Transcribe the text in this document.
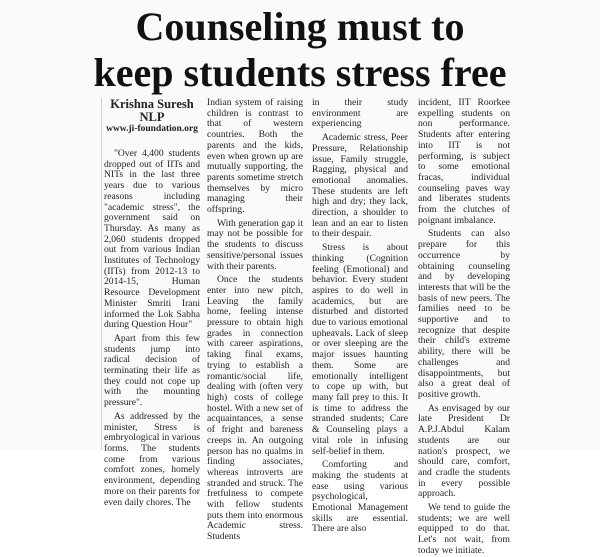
Counseling must to
keep students stress free
Krishna Suresh
NLP
www.ji-foundation.org

"Over 4,400 students dropped out of IITs and NITs in the last three years due to various reasons including "academic stress", the government said on Thursday. As many as 2,060 students dropped out from various Indian Institutes of Technology (IITs) from 2012-13 to 2014-15, Human Resource Development Minister Smriti Irani informed the Lok Sabha during Question Hour"

Apart from this few students jump into radical decision of terminating their life as they could not cope up with the mounting pressure".

As addressed by the minister, Stress is embryological in various forms. The students come from various comfort zones, homely environment, depending more on their parents for even daily chores. The

Indian system of raising children is contrast to that of western countries. Both the parents and the kids, even when grown up are mutually supporting, the parents sometime stretch themselves by micro managing their offspring.

With generation gap it may not be possible for the students to discuss sensitive/personal issues with their parents.

Once the students enter into new pitch, Leaving the family home, feeling intense pressure to obtain high grades in connection with career aspirations, taking final exams, trying to establish a romantic/social life, dealing with (often very high) costs of college hostel. With a new set of acquaintances, a sense of fright and bareness creeps in. An outgoing person has no qualms in finding associates, whereas introverts are stranded and struck. The fretfulness to compete with fellow students puts them into enormous Academic stress. Students

in their study environment are experiencing

Academic stress, Peer Pressure, Relationship issue, Family struggle, Ragging, physical and emotional anomalies. These students are left high and dry; they lack, direction, a shoulder to lean and an ear to listen to their despair.

Stress is about thinking (Cognition feeling (Emotional) and behavior. Every student aspires to do well in academics, but are disturbed and distorted due to various emotional upheavals. Lack of sleep or over sleeping are the major issues haunting them. Some are emotionally intelligent to cope up with, but many fall prey to this. It is time to address the stranded students; Care & Counseling plays a vital role in infusing self-belief in them.

Comforting and making the students at ease using various psychological, Emotional Management skills are essential. There are also

incident, IIT Roorkee expelling students on non performance. Students after entering into IIT is not performing, is subject to some emotional fracas, individual counseling paves way and liberates students from the clutches of poignant imbalance.

Students can also prepare for this occurrence by obtaining counseling and by developing interests that will be the basis of new peers. The families need to be supportive and to recognize that despite their child's extreme ability, there will be challenges and disappointments, but also a great deal of positive growth.

As envisaged by our late President Dr A.P.J.Abdul Kalam students are our nation's prospect, we should care, comfort, and cradle the students in every possible approach.

We tend to guide the students; we are well equipped to do that. Let's not wait, from today we initiate.
